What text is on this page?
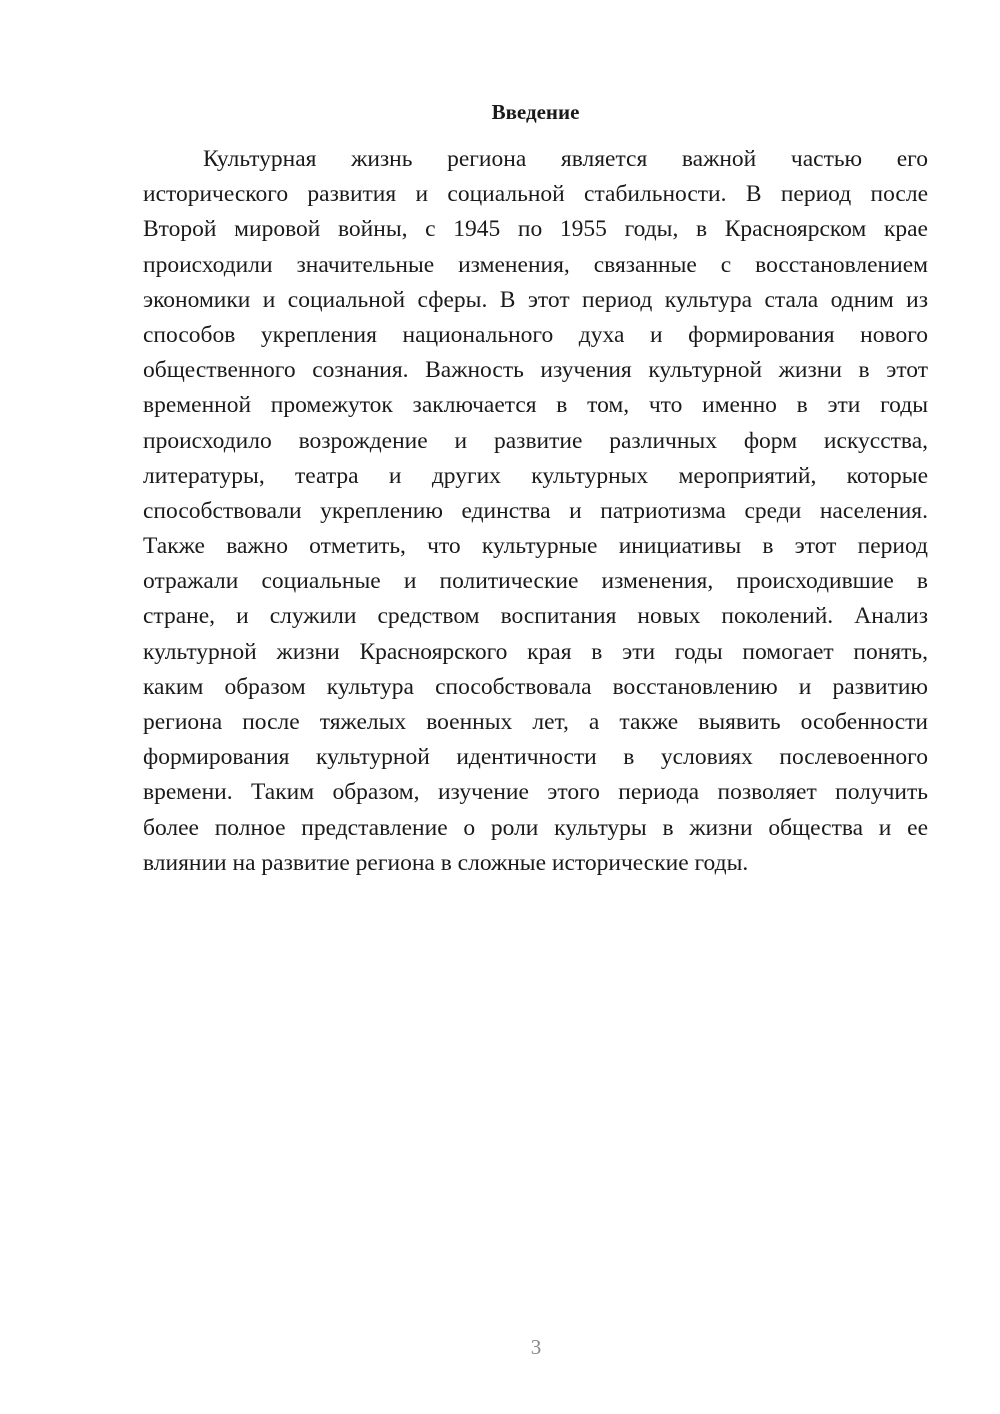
Введение
Культурная жизнь региона является важной частью его
исторического развития и социальной стабильности. В период после
Второй мировой войны, с 1945 по 1955 годы, в Красноярском крае
происходили значительные изменения, связанные с восстановлением
экономики и социальной сферы. В этот период культура стала одним из
способов укрепления национального духа и формирования нового
общественного сознания. Важность изучения культурной жизни в этот
временной промежуток заключается в том, что именно в эти годы
происходило возрождение и развитие различных форм искусства,
литературы, театра и других культурных мероприятий, которые
способствовали укреплению единства и патриотизма среди населения.
Также важно отметить, что культурные инициативы в этот период
отражали социальные и политические изменения, происходившие в
стране, и служили средством воспитания новых поколений. Анализ
культурной жизни Красноярского края в эти годы помогает понять,
каким образом культура способствовала восстановлению и развитию
региона после тяжелых военных лет, а также выявить особенности
формирования культурной идентичности в условиях послевоенного
времени. Таким образом, изучение этого периода позволяет получить
более полное представление о роли культуры в жизни общества и ее
влиянии на развитие региона в сложные исторические годы.
3
